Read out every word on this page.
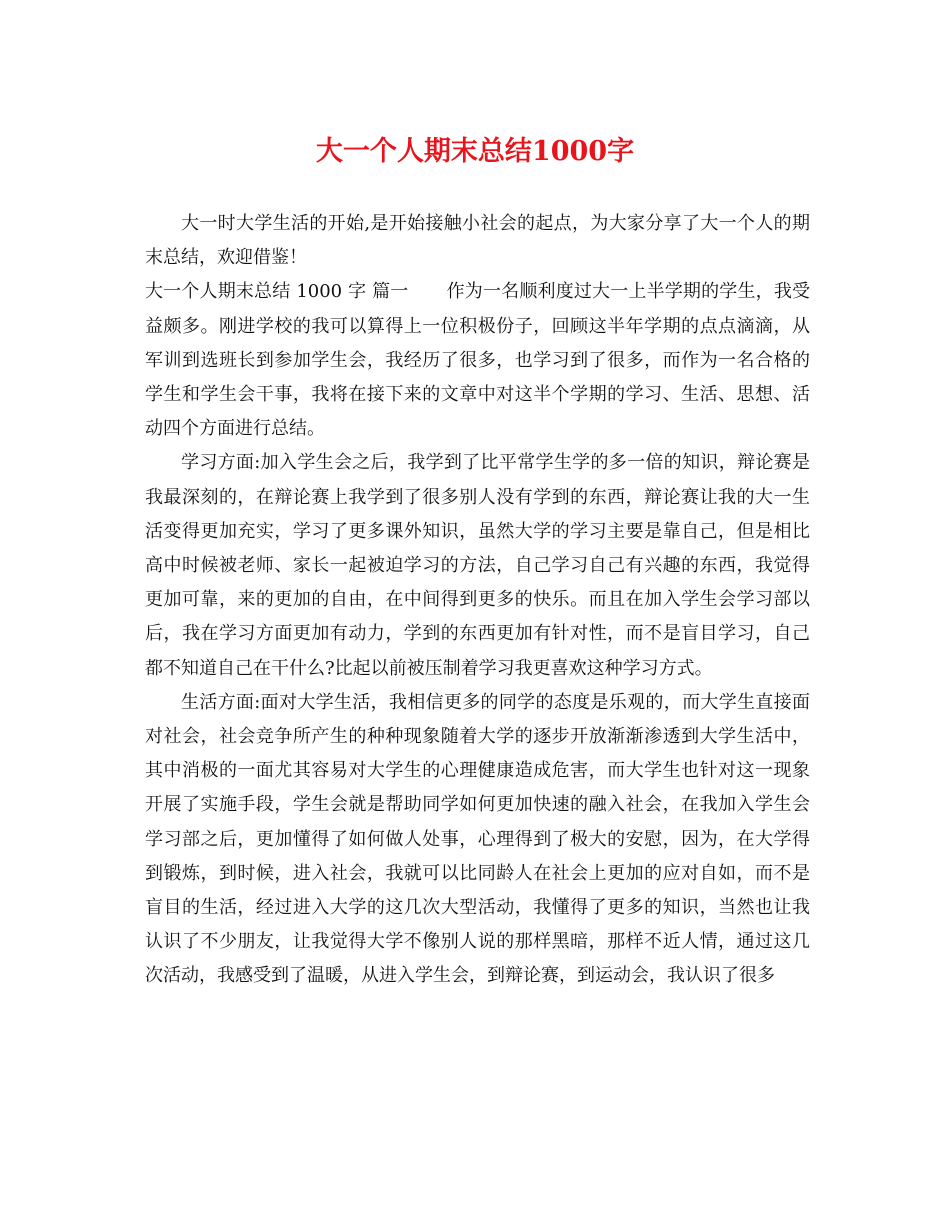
大一个人期末总结1000字

大一时大学生活的开始,是开始接触小社会的起点，为大家分享了大一个人的期末总结，欢迎借鉴！

大一个人期末总结 1000 字 篇一 作为一名顺利度过大一上半学期的学生，我受益颇多。刚进学校的我可以算得上一位积极份子，回顾这半年学期的点点滴滴，从军训到选班长到参加学生会，我经历了很多，也学习到了很多，而作为一名合格的学生和学生会干事，我将在接下来的文章中对这半个学期的学习、生活、思想、活动四个方面进行总结。

学习方面:加入学生会之后，我学到了比平常学生学的多一倍的知识，辩论赛是我最深刻的，在辩论赛上我学到了很多别人没有学到的东西，辩论赛让我的大一生活变得更加充实，学习了更多课外知识，虽然大学的学习主要是靠自己，但是相比高中时候被老师、家长一起被迫学习的方法，自己学习自己有兴趣的东西，我觉得更加可靠，来的更加的自由，在中间得到更多的快乐。而且在加入学生会学习部以后，我在学习方面更加有动力，学到的东西更加有针对性，而不是盲目学习，自己都不知道自己在干什么?比起以前被压制着学习我更喜欢这种学习方式。

生活方面:面对大学生活，我相信更多的同学的态度是乐观的，而大学生直接面对社会，社会竞争所产生的种种现象随着大学的逐步开放渐渐渗透到大学生活中，其中消极的一面尤其容易对大学生的心理健康造成危害，而大学生也针对这一现象开展了实施手段，学生会就是帮助同学如何更加快速的融入社会，在我加入学生会学习部之后，更加懂得了如何做人处事，心理得到了极大的安慰，因为，在大学得到锻炼，到时候，进入社会，我就可以比同龄人在社会上更加的应对自如，而不是盲目的生活，经过进入大学的这几次大型活动，我懂得了更多的知识，当然也让我认识了不少朋友，让我觉得大学不像别人说的那样黑暗，那样不近人情，通过这几次活动，我感受到了温暖，从进入学生会，到辩论赛，到运动会，我认识了很多
